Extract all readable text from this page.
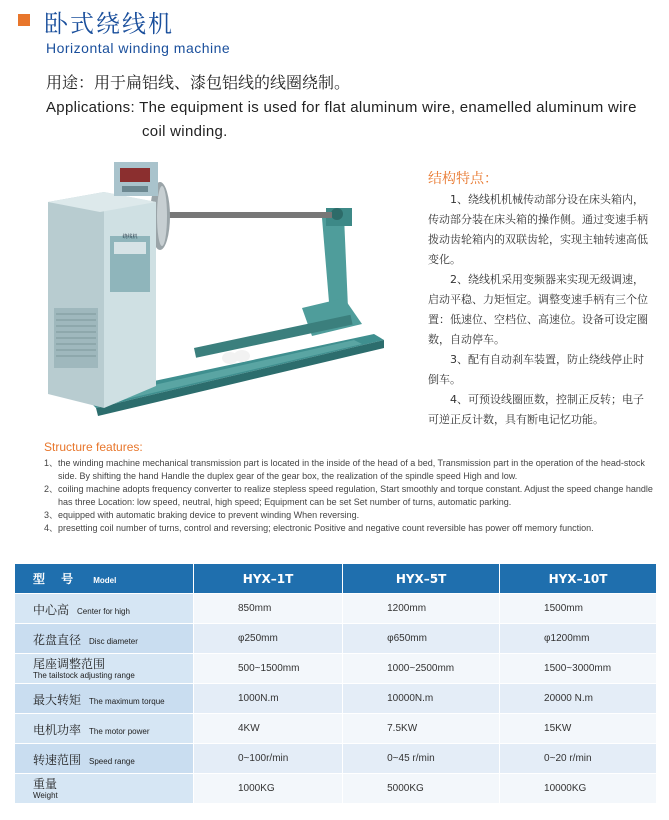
卧式绕线机
Horizontal winding machine
用途：用于扁铝线、漆包铝线的线圈绕制。
Applications: The equipment is used for flat aluminum wire, enamelled aluminum wire
coil winding.
绕线机
结构特点：

1、绕线机机械传动部分设在床头箱内，传动部分装在床头箱的操作侧。通过变速手柄拨动齿轮箱内的双联齿轮，实现主轴转速高低变化。

2、绕线机采用变频器来实现无级调速，启动平稳、力矩恒定。调整变速手柄有三个位置：低速位、空档位、高速位。设备可设定圈数，自动停车。

3、配有自动刹车装置，防止绕线停止时倒车。

4、可预设线圈匝数，控制正反转；电子可逆正反计数，具有断电记忆功能。

Structure features:
1、 the winding machine mechanical transmission part is located in the inside of the head of a bed, Transmission part in the operation of the head-stock side. By shifting the hand Handle the duplex gear of the gear box, the realization of the spindle speed High and low.
2、 coiling machine adopts frequency converter to realize stepless speed regulation, Start smoothly and torque constant. Adjust the speed change handle has three Location: low speed, neutral, high speed; Equipment can be set Set number of turns, automatic parking.
3、 equipped with automatic braking device to prevent winding When reversing.
4、 presetting coil number of turns, control and reversing; electronic Positive and negative count reversible has power off memory function.
型 号 Model	HYX–1T	HYX–5T	HYX–10T
中心高 Center for high	850mm	1200mm	1500mm
花盘直径 Disc diameter	φ250mm	φ650mm	φ1200mm

尾座调整范围
The tailstock adjusting range	500~1500mm	1000~2500mm	1500~3000mm
最大转矩 The maximum torque	1000N.m	10000N.m	20000 N.m
电机功率 The motor power	4KW	7.5KW	15KW
转速范围 Speed range	0~100r/min	0~45 r/min	0~20 r/min

重量
Weight	1000KG	5000KG	10000KG
